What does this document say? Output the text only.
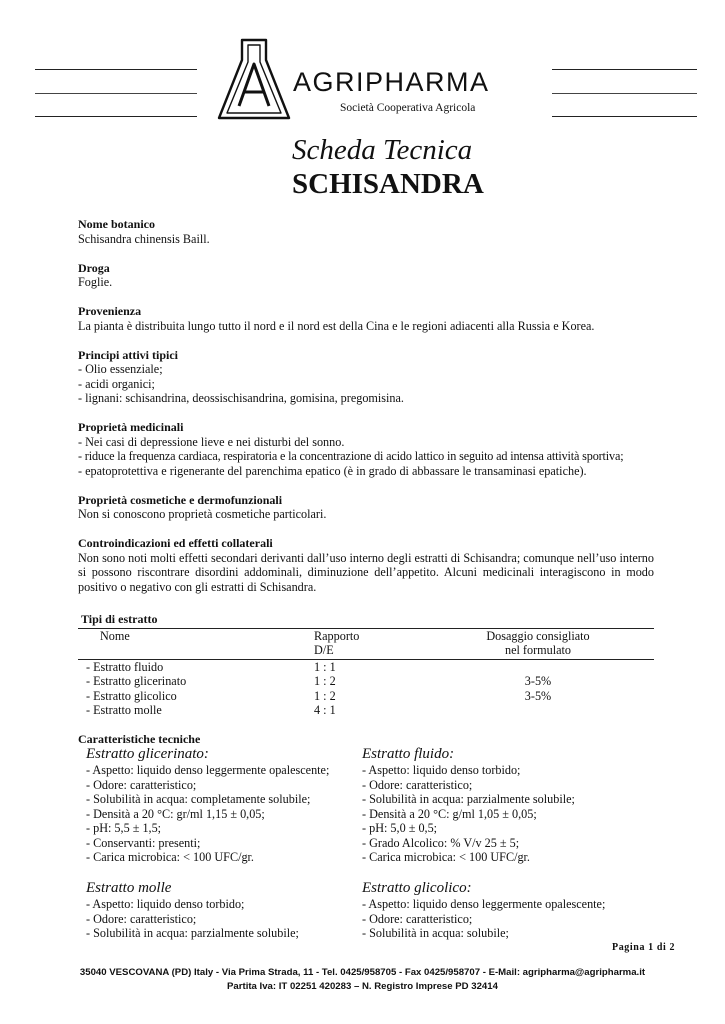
AGRIPHARMA
Società Cooperativa Agricola
Scheda Tecnica
SCHISANDRA
Nome botanico

Schisandra chinensis Baill.

Droga

Foglie.

Provenienza

La pianta è distribuita lungo tutto il nord e il nord est della Cina e le regioni adiacenti alla Russia e Korea.

Principi attivi tipici

- Olio essenziale;

- acidi organici;

- lignani: schisandrina, deossischisandrina, gomisina, pregomisina.

Proprietà medicinali

- Nei casi di depressione lieve e nei disturbi del sonno.

- riduce la frequenza cardiaca, respiratoria e la concentrazione di acido lattico in seguito ad intensa attività sportiva;

- epatoprotettiva e rigenerante del parenchima epatico (è in grado di abbassare le transaminasi epatiche).

Proprietà cosmetiche e dermofunzionali

Non si conoscono proprietà cosmetiche particolari.

Controindicazioni ed effetti collaterali

Non sono noti molti effetti secondari derivanti dall’uso interno degli estratti di Schisandra; comunque nell’uso interno si possono riscontrare disordini addominali, diminuzione dell’appetito. Alcuni medicinali interagiscono in modo positivo o negativo con gli estratti di Schisandra.

Tipi di estratto
Nome	Rapporto	Dosaggio consigliato
D/E	nel formulato
- Estratto fluido	1 : 1
- Estratto glicerinato	1 : 2	3-5%
- Estratto glicolico	1 : 2	3-5%
- Estratto molle	4 : 1
Caratteristiche tecniche
Estratto glicerinato:
- Aspetto: liquido denso leggermente opalescente;
- Odore: caratteristico;
- Solubilità in acqua: completamente solubile;
- Densità a 20 °C: gr/ml 1,15 ± 0,05;
- pH: 5,5 ± 1,5;
- Conservanti: presenti;
- Carica microbica: < 100 UFC/gr.
Estratto fluido:
- Aspetto: liquido denso torbido;
- Odore: caratteristico;
- Solubilità in acqua: parzialmente solubile;
- Densità a 20 °C: g/ml 1,05 ± 0,05;
- pH: 5,0 ± 0,5;
- Grado Alcolico: % V/v 25 ± 5;
- Carica microbica: < 100 UFC/gr.
Estratto molle
- Aspetto: liquido denso torbido;
- Odore: caratteristico;
- Solubilità in acqua: parzialmente solubile;
Estratto glicolico:
- Aspetto: liquido denso leggermente opalescente;
- Odore: caratteristico;
- Solubilità in acqua: solubile;
Pagina 1 di 2
35040 VESCOVANA (PD) Italy - Via Prima Strada, 11 - Tel. 0425/958705 - Fax 0425/958707 - E-Mail: agripharma@agripharma.it
Partita Iva: IT 02251 420283 – N. Registro Imprese PD 32414
